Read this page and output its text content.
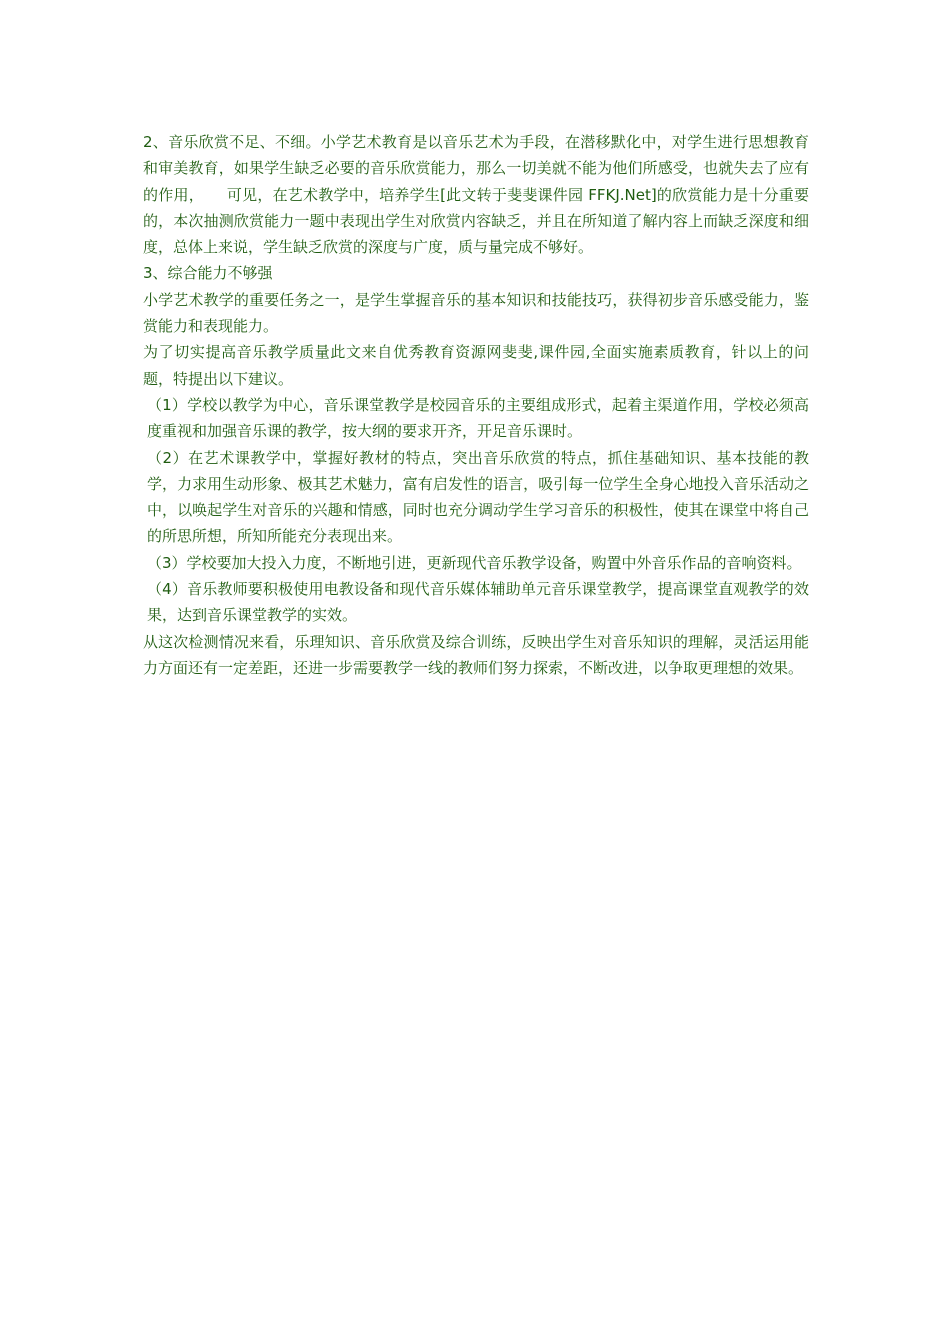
2、音乐欣赏不足、不细。小学艺术教育是以音乐艺术为手段，在潜移默化中，对学生进行思想教育和审美教育，如果学生缺乏必要的音乐欣赏能力，那么一切美就不能为他们所感受，也就失去了应有的作用，　　可见，在艺术教学中，培养学生[此文转于斐斐课件园 FFKJ.Net]的欣赏能力是十分重要的，本次抽测欣赏能力一题中表现出学生对欣赏内容缺乏，并且在所知道了解内容上而缺乏深度和细度，总体上来说，学生缺乏欣赏的深度与广度，质与量完成不够好。

3、综合能力不够强

小学艺术教学的重要任务之一，是学生掌握音乐的基本知识和技能技巧，获得初步音乐感受能力，鉴赏能力和表现能力。

为了切实提高音乐教学质量此文来自优秀教育资源网斐斐,课件园,全面实施素质教育，针以上的问题，特提出以下建议。

（1）学校以教学为中心，音乐课堂教学是校园音乐的主要组成形式，起着主渠道作用，学校必须高度重视和加强音乐课的教学，按大纲的要求开齐，开足音乐课时。

（2）在艺术课教学中，掌握好教材的特点，突出音乐欣赏的特点，抓住基础知识、基本技能的教学，力求用生动形象、极其艺术魅力，富有启发性的语言，吸引每一位学生全身心地投入音乐活动之中，以唤起学生对音乐的兴趣和情感，同时也充分调动学生学习音乐的积极性，使其在课堂中将自己的所思所想，所知所能充分表现出来。

（3）学校要加大投入力度，不断地引进，更新现代音乐教学设备，购置中外音乐作品的音响资料。

（4）音乐教师要积极使用电教设备和现代音乐媒体辅助单元音乐课堂教学，提高课堂直观教学的效果，达到音乐课堂教学的实效。

从这次检测情况来看，乐理知识、音乐欣赏及综合训练，反映出学生对音乐知识的理解，灵活运用能力方面还有一定差距，还进一步需要教学一线的教师们努力探索，不断改进，以争取更理想的效果。
